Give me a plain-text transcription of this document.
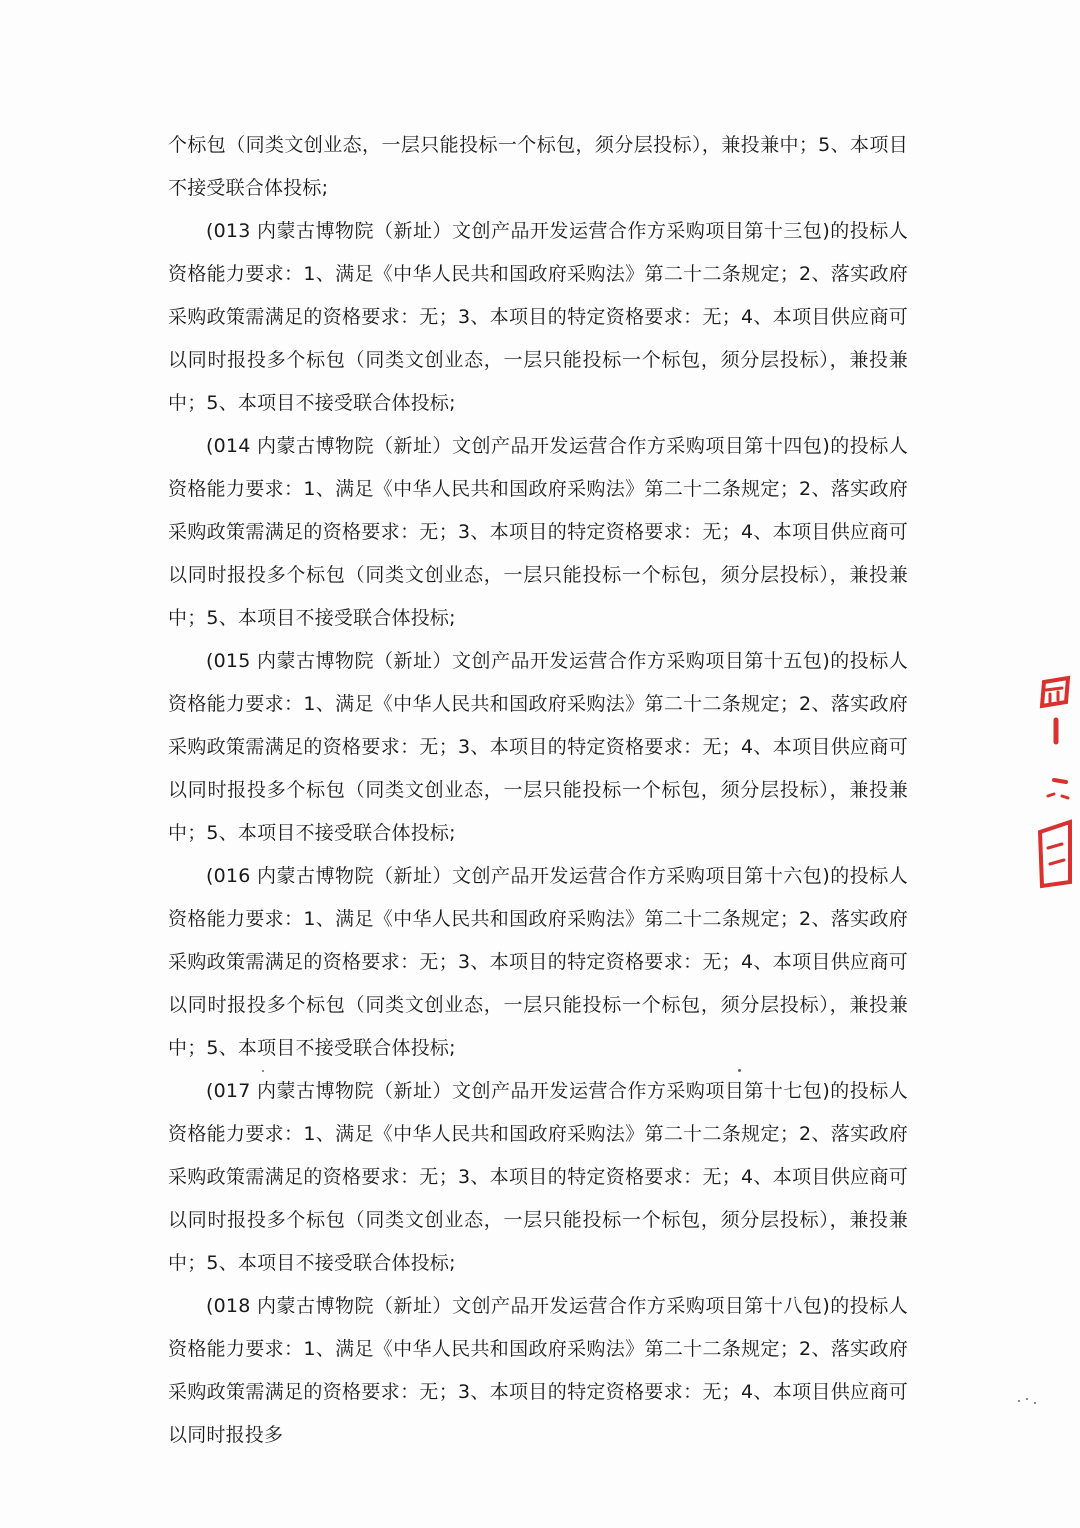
个标包（同类文创业态，一层只能投标一个标包，须分层投标），兼投兼中；5、本项目不接受联合体投标;

(013 内蒙古博物院（新址）文创产品开发运营合作方采购项目第十三包)的投标人资格能力要求：1、满足《中华人民共和国政府采购法》第二十二条规定；2、落实政府采购政策需满足的资格要求：无；3、本项目的特定资格要求：无；4、本项目供应商可以同时报投多个标包（同类文创业态，一层只能投标一个标包，须分层投标），兼投兼中；5、本项目不接受联合体投标;

(014 内蒙古博物院（新址）文创产品开发运营合作方采购项目第十四包)的投标人资格能力要求：1、满足《中华人民共和国政府采购法》第二十二条规定；2、落实政府采购政策需满足的资格要求：无；3、本项目的特定资格要求：无；4、本项目供应商可以同时报投多个标包（同类文创业态，一层只能投标一个标包，须分层投标），兼投兼中；5、本项目不接受联合体投标;

(015 内蒙古博物院（新址）文创产品开发运营合作方采购项目第十五包)的投标人资格能力要求：1、满足《中华人民共和国政府采购法》第二十二条规定；2、落实政府采购政策需满足的资格要求：无；3、本项目的特定资格要求：无；4、本项目供应商可以同时报投多个标包（同类文创业态，一层只能投标一个标包，须分层投标），兼投兼中；5、本项目不接受联合体投标;

(016 内蒙古博物院（新址）文创产品开发运营合作方采购项目第十六包)的投标人资格能力要求：1、满足《中华人民共和国政府采购法》第二十二条规定；2、落实政府采购政策需满足的资格要求：无；3、本项目的特定资格要求：无；4、本项目供应商可以同时报投多个标包（同类文创业态，一层只能投标一个标包，须分层投标），兼投兼中；5、本项目不接受联合体投标;

(017 内蒙古博物院（新址）文创产品开发运营合作方采购项目第十七包)的投标人资格能力要求：1、满足《中华人民共和国政府采购法》第二十二条规定；2、落实政府采购政策需满足的资格要求：无；3、本项目的特定资格要求：无；4、本项目供应商可以同时报投多个标包（同类文创业态，一层只能投标一个标包，须分层投标），兼投兼中；5、本项目不接受联合体投标;

(018 内蒙古博物院（新址）文创产品开发运营合作方采购项目第十八包)的投标人资格能力要求：1、满足《中华人民共和国政府采购法》第二十二条规定；2、落实政府采购政策需满足的资格要求：无；3、本项目的特定资格要求：无；4、本项目供应商可以同时报投多
